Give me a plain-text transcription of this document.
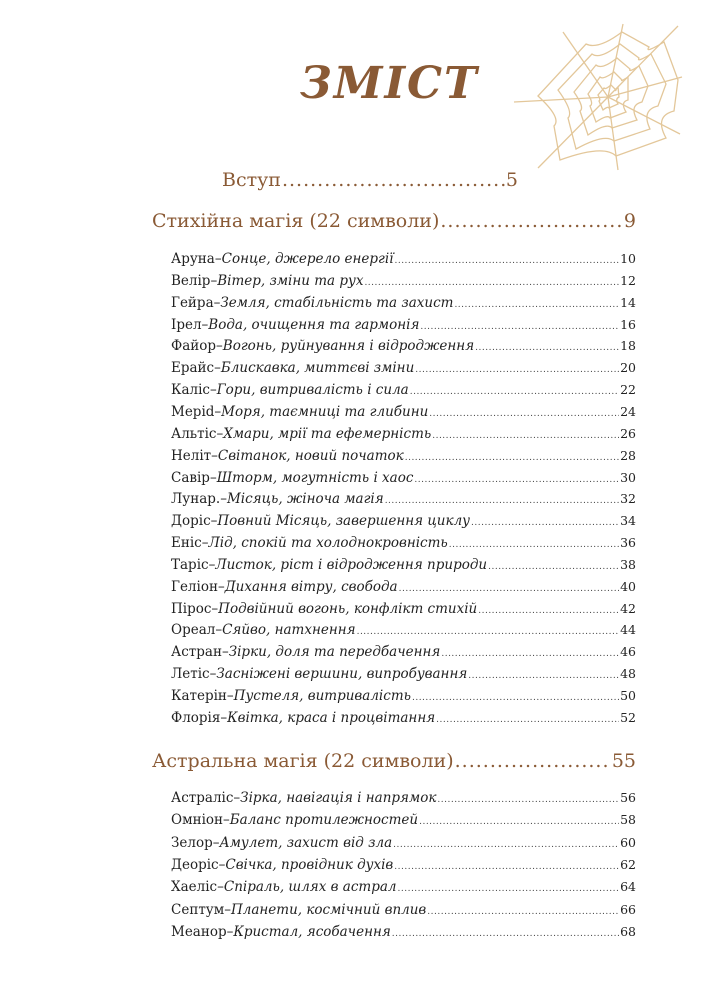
ЗМІСТ
Вступ .....	5
Стихійна магія (22 символи) .....	9
Аруна – Сонце, джерело енергії .....	10
Велір – Вітер, зміни та рух .....	12
Гейра – Земля, стабільність та захист .....	14
Ірел – Вода, очищення та гармонія .....	16
Файор – Вогонь, руйнування і відродження .....	18
Ерайс – Блискавка, миттєві зміни .....	20
Каліс – Гори, витривалість і сила .....	22
Меріd – Моря, таємниці та глибини .....	24
Альтіс – Хмари, мрії та ефемерність .....	26
Неліт – Світанок, новий початок .....	28
Савір – Шторм, могутність і хаос .....	30
Лунар. – Місяць, жіноча магія .....	32
Доріс – Повний Місяць, завершення циклу .....	34
Еніс – Лід, спокій та холоднокровність .....	36
Таріс – Листок, ріст і відродження природи .....	38
Геліон – Дихання вітру, свобода .....	40
Пірос – Подвійний вогонь, конфлікт стихій .....	42
Ореал – Сяйво, натхнення .....	44
Астран – Зірки, доля та передбачення .....	46
Летіс – Засніжені вершини, випробування .....	48
Катерін – Пустеля, витривалість .....	50
Флорія – Квітка, краса і процвітання .....	52
Астральна магія (22 символи) .....	55
Астраліс – Зірка, навігація і напрямок .....	56
Омніон – Баланс протилежностей .....	58
Зелор – Амулет, захист від зла .....	60
Деоріс – Свічка, провідник духів .....	62
Хаеліс – Спіраль, шлях в астрал .....	64
Септум – Планети, космічний вплив .....	66
Меанор – Кристал, ясобачення .....	68
